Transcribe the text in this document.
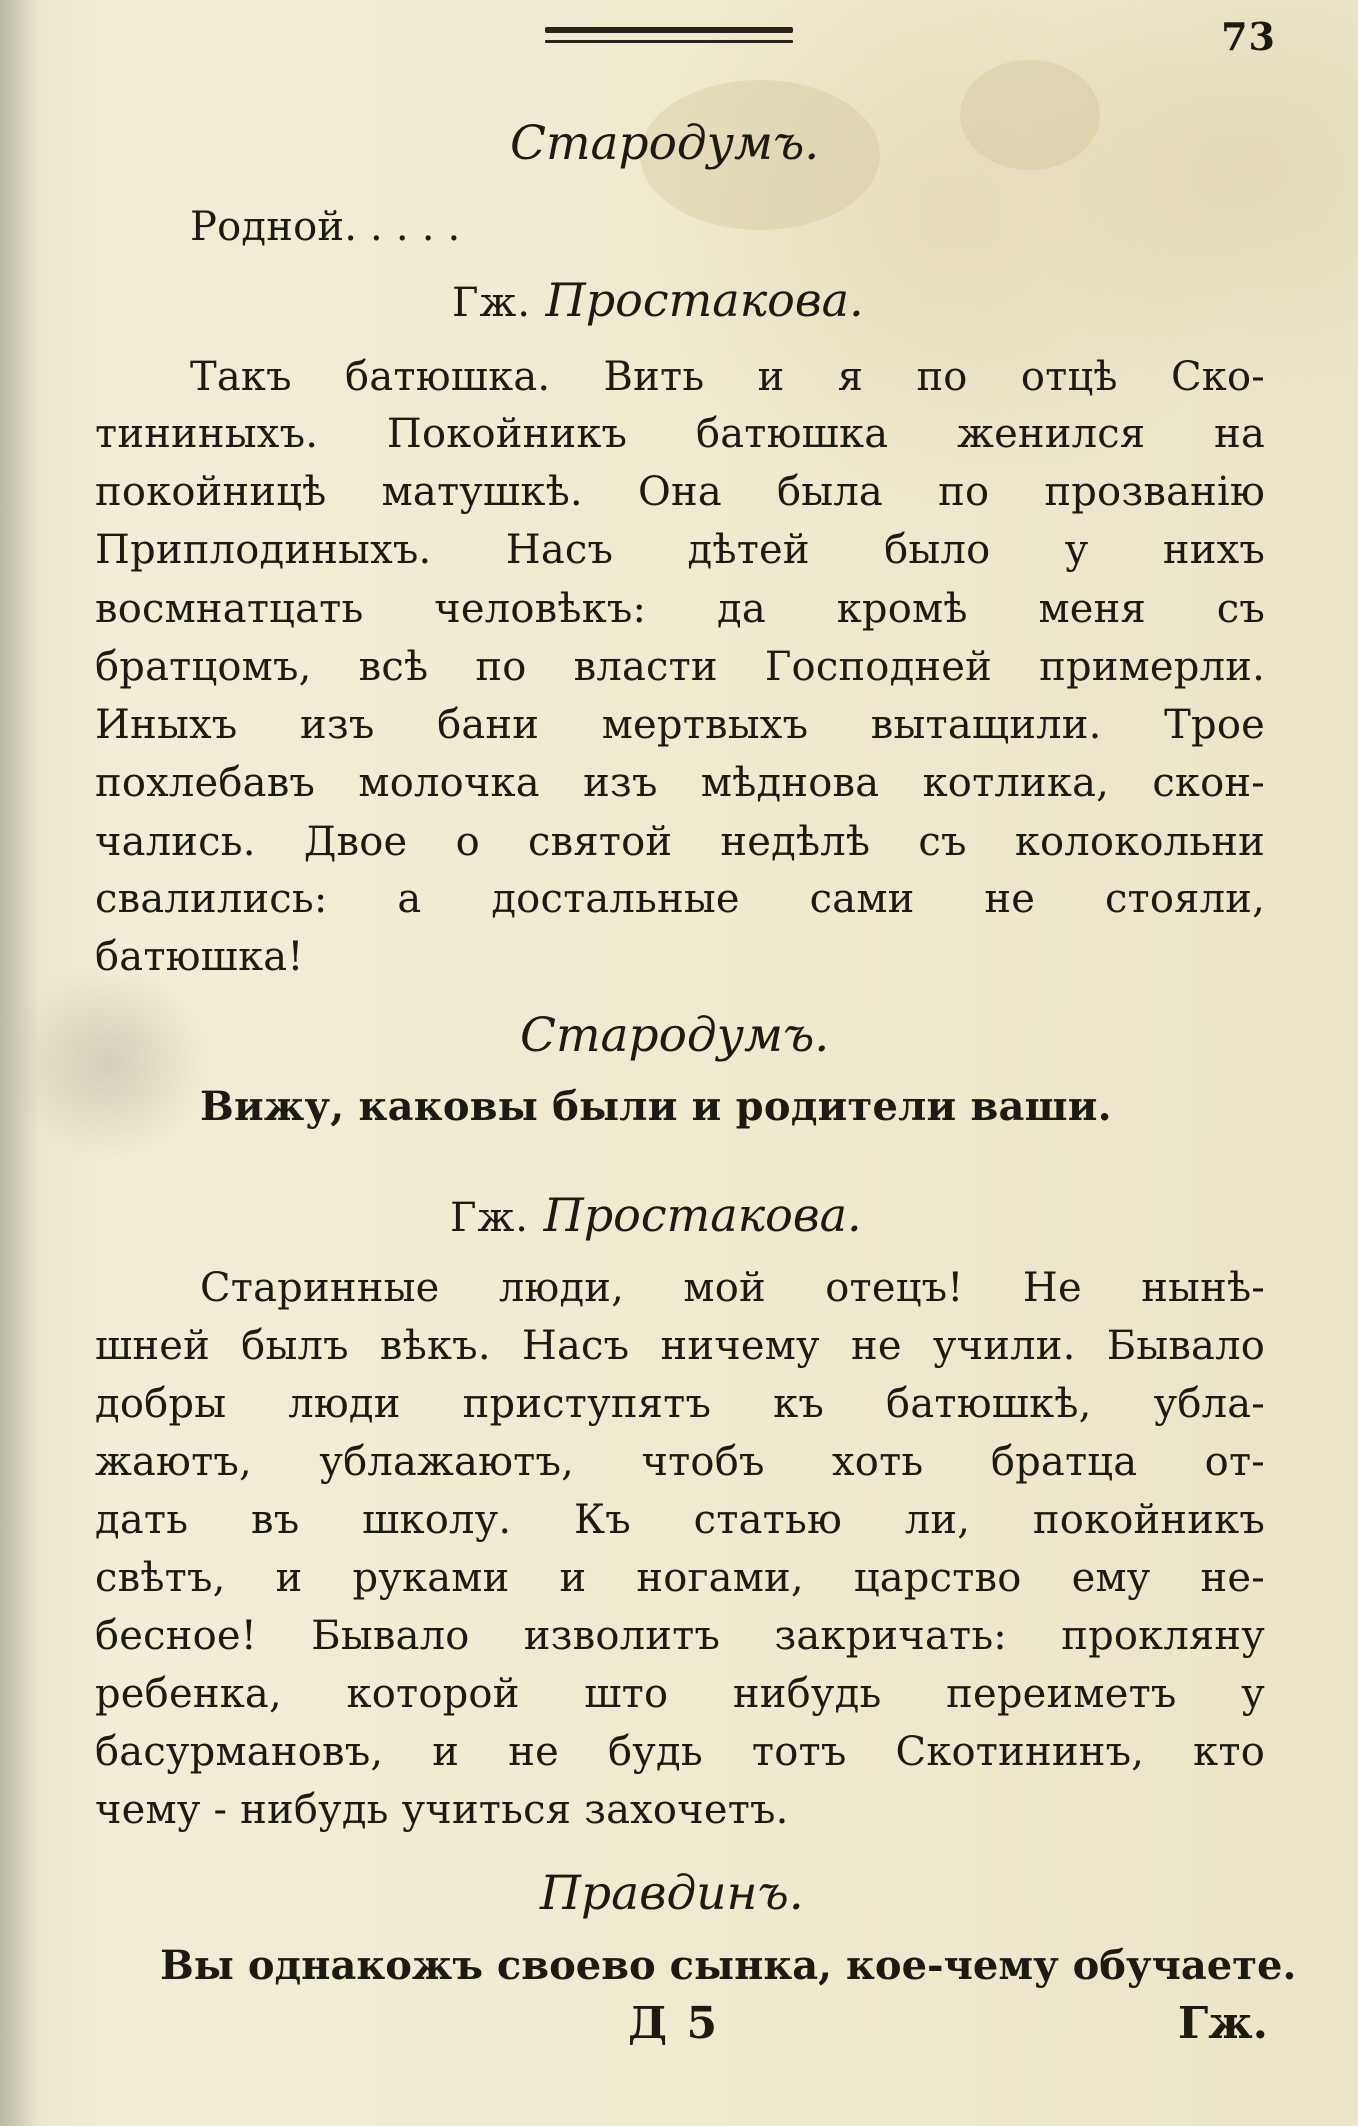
73
Стародумъ.
Родной. . . . .
Гж. Простакова.
Такъ батюшка. Вить и я по отцѣ Ско-
тининыхъ. Покойникъ батюшка женился на
покойницѣ матушкѣ. Она была по прозванію
Приплодиныхъ. Насъ дѣтей было у нихъ
восмнатцать человѣкъ: да кромѣ меня съ
братцомъ, всѣ по власти Господней примерли.
Иныхъ изъ бани мертвыхъ вытащили. Трое
похлебавъ молочка изъ мѣднова котлика, скон-
чались. Двое о святой недѣлѣ съ колокольни
свалились: а достальные сами не стояли,
батюшка!
Стародумъ.
Вижу, каковы были и родители ваши.
Гж. Простакова.
Старинные люди, мой отецъ! Не нынѣ-
шней былъ вѣкъ. Насъ ничему не учили. Бывало
добры люди приступятъ къ батюшкѣ, ублa-
жаютъ, ублажаютъ, чтобъ хоть братца от-
дать въ школу. Къ статью ли, покойникъ
свѣтъ, и руками и ногами, царство ему не-
бесное! Бывало изволитъ закричать: прокляну
ребенка, которой што нибудь переиметъ у
басурмановъ, и не будь тотъ Скотининъ, кто
чему - нибудь учиться захочетъ.
Правдинъ.
Вы однакожъ своево сынка, кое-чему обучаете.
Д 5	Гж.
